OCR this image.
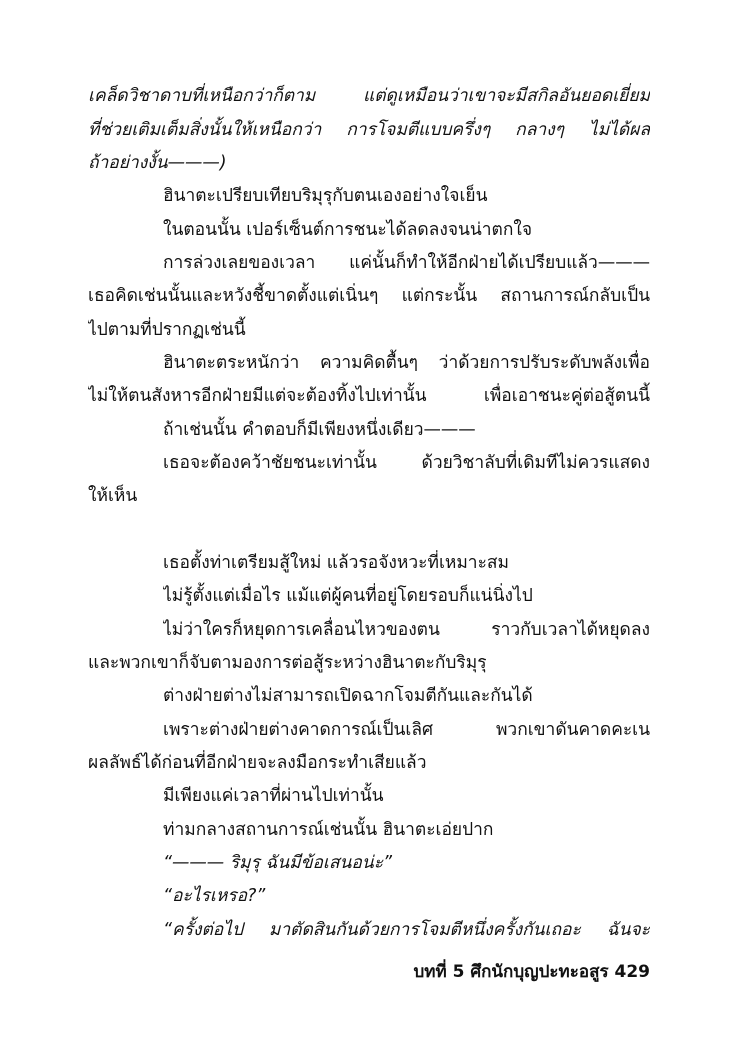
เคล็ดวิชาดาบที่เหนือกว่าก็ตาม แต่ดูเหมือนว่าเขาจะมีสกิลอันยอดเยี่ยม
ที่ช่วยเติมเต็มสิ่งนั้นให้เหนือกว่า การโจมตีแบบครึ่งๆ กลางๆ ไม่ได้ผล
ถ้าอย่างงั้น———)
ฮินาตะเปรียบเทียบริมุรุกับตนเองอย่างใจเย็น
ในตอนนั้น เปอร์เซ็นต์การชนะได้ลดลงจนน่าตกใจ
การล่วงเลยของเวลา แค่นั้นก็ทำให้อีกฝ่ายได้เปรียบแล้ว———
เธอคิดเช่นนั้นและหวังชี้ขาดตั้งแต่เนิ่นๆ แต่กระนั้น สถานการณ์กลับเป็น
ไปตามที่ปรากฏเช่นนี้
ฮินาตะตระหนักว่า ความคิดตื้นๆ ว่าด้วยการปรับระดับพลังเพื่อ
ไม่ให้ตนสังหารอีกฝ่ายมีแต่จะต้องทิ้งไปเท่านั้น เพื่อเอาชนะคู่ต่อสู้ตนนี้
ถ้าเช่นนั้น คำตอบก็มีเพียงหนึ่งเดียว———
เธอจะต้องคว้าชัยชนะเท่านั้น ด้วยวิชาลับที่เดิมทีไม่ควรแสดง
ให้เห็น
เธอตั้งท่าเตรียมสู้ใหม่ แล้วรอจังหวะที่เหมาะสม
ไม่รู้ตั้งแต่เมื่อไร แม้แต่ผู้คนที่อยู่โดยรอบก็แน่นิ่งไป
ไม่ว่าใครก็หยุดการเคลื่อนไหวของตน ราวกับเวลาได้หยุดลง
และพวกเขาก็จับตามองการต่อสู้ระหว่างฮินาตะกับริมุรุ
ต่างฝ่ายต่างไม่สามารถเปิดฉากโจมตีกันและกันได้
เพราะต่างฝ่ายต่างคาดการณ์เป็นเลิศ พวกเขาดันคาดคะเน
ผลลัพธ์ได้ก่อนที่อีกฝ่ายจะลงมือกระทำเสียแล้ว
มีเพียงแค่เวลาที่ผ่านไปเท่านั้น
ท่ามกลางสถานการณ์เช่นนั้น ฮินาตะเอ่ยปาก
“——— ริมุรุ ฉันมีข้อเสนอน่ะ”
“อะไรเหรอ?”
“ครั้งต่อไป มาตัดสินกันด้วยการโจมตีหนึ่งครั้งกันเถอะ ฉันจะ
บทที่ 5 ศึกนักบุญปะทะอสูร 429
